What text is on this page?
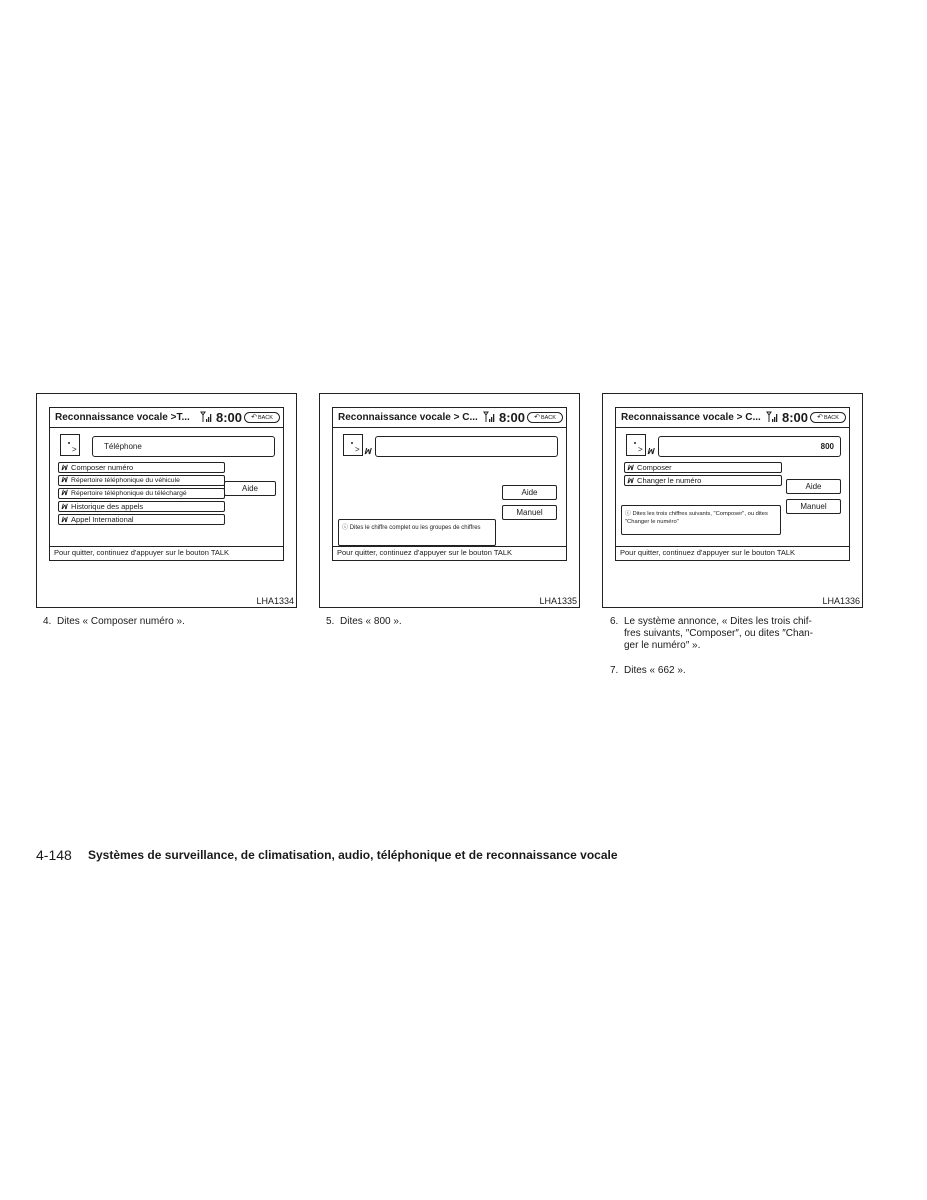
Reconnaissance vocale >T... 8:00	↶BACK
>	Téléphone
ꟽ Composer numéro
ꟽ Répertoire téléphonique du véhicule
ꟽ Répertoire téléphonique du téléchargé
ꟽ Historique des appels
ꟽ Appel International
Aide
Pour quitter, continuez d'appuyer sur le bouton TALK
LHA1334
Reconnaissance vocale > C... 8:00	↶BACK
> ꟽ
Aide
Manuel
ⓘ Dites le chiffre complet ou les groupes de chiffres
Pour quitter, continuez d'appuyer sur le bouton TALK
LHA1335
Reconnaissance vocale > C... 8:00	↶BACK
> ꟽ
800
ꟽ Composer
ꟽ Changer le numéro
Aide
Manuel
ⓘ Dites les trois chiffres suivants, "Composer", ou dites "Changer le numéro"
Pour quitter, continuez d'appuyer sur le bouton TALK
LHA1336
4. Dites « Composer numéro ».	5. Dites « 800 ».	6. Le système annonce, « Dites les trois chif-
fres suivants, ″Composer″, ou dites ″Chan-
ger le numéro″ ».
7. Dites « 662 ».
4-148 Systèmes de surveillance, de climatisation, audio, téléphonique et de reconnaissance vocale
